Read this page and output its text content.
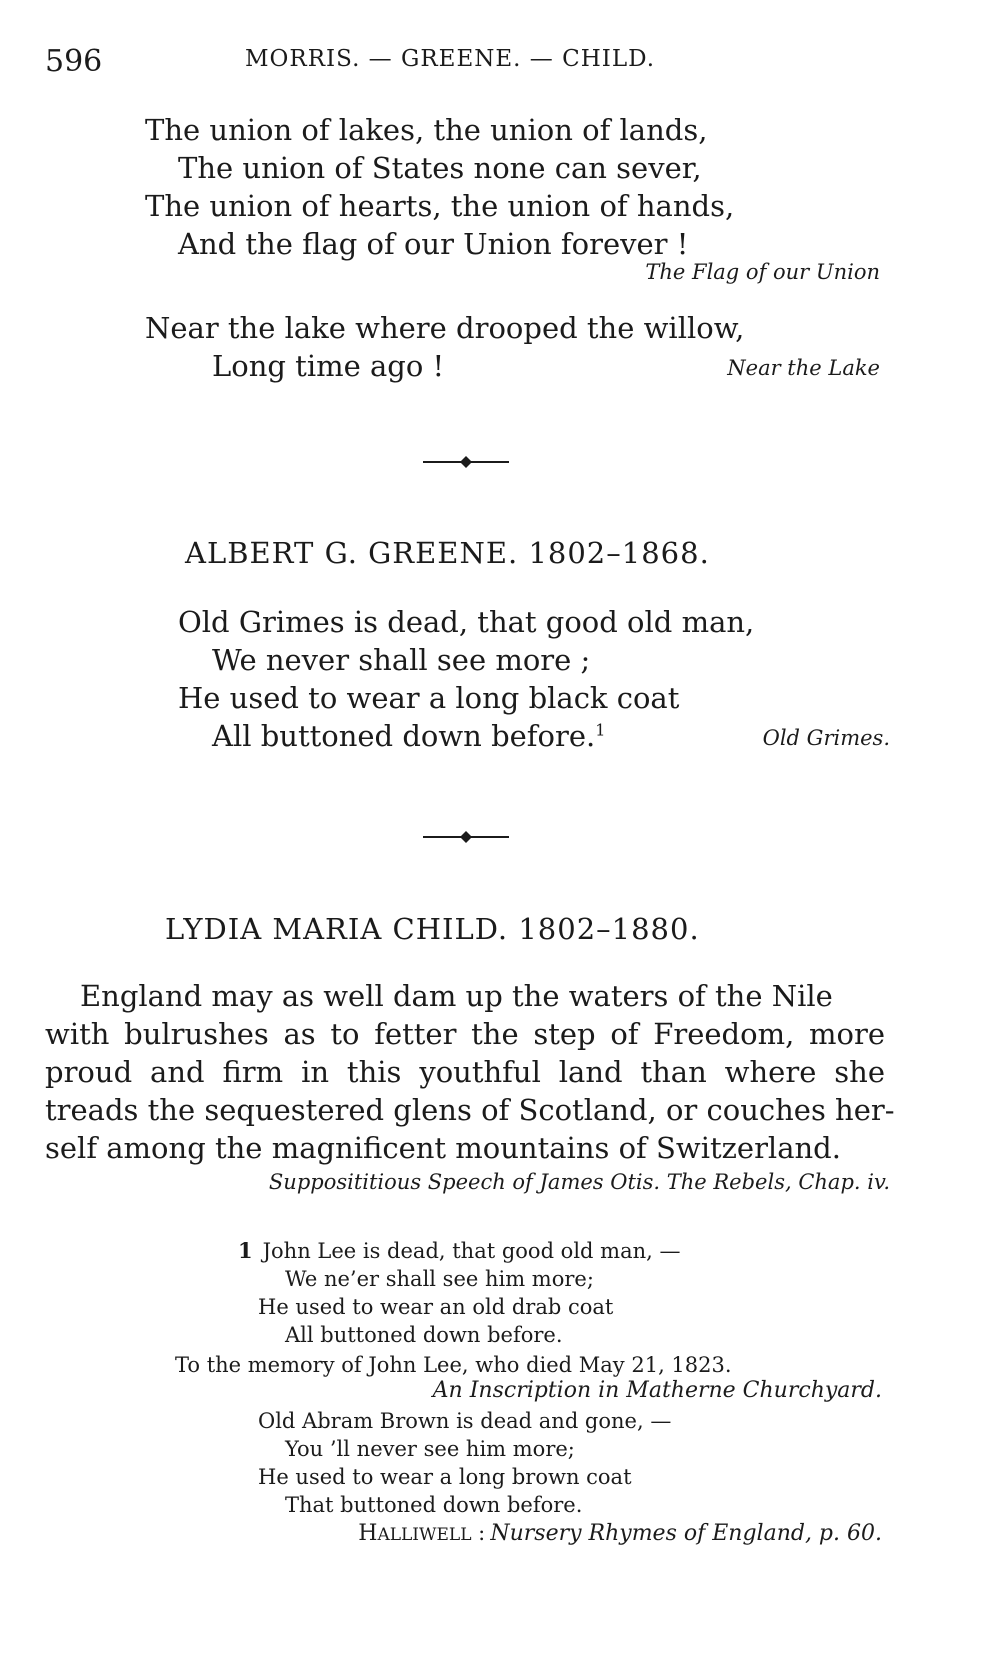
596	MORRIS. — GREENE. — CHILD.
The union of lakes, the union of lands,
The union of States none can sever,
The union of hearts, the union of hands,
And the flag of our Union forever !
The Flag of our Union
Near the lake where drooped the willow,
Long time ago !	Near the Lake
ALBERT G. GREENE. 1802–1868.
Old Grimes is dead, that good old man,
We never shall see more ;
He used to wear a long black coat
All buttoned down before.$^1$	Old Grimes.
LYDIA MARIA CHILD. 1802–1880.
England may as well dam up the waters of the Nile
with bulrushes as to fetter the step of Freedom, more
proud and firm in this youthful land than where she
treads the sequestered glens of Scotland, or couches her-
self among the magnificent mountains of Switzerland.
Supposititious Speech of James Otis. The Rebels, Chap. iv.
1 John Lee is dead, that good old man, —
We ne’er shall see him more;
He used to wear an old drab coat
All buttoned down before.
To the memory of John Lee, who died May 21, 1823.
An Inscription in Matherne Churchyard.
Old Abram Brown is dead and gone, —
You ’ll never see him more;
He used to wear a long brown coat
That buttoned down before.
HALLIWELL : Nursery Rhymes of England, p. 60.
